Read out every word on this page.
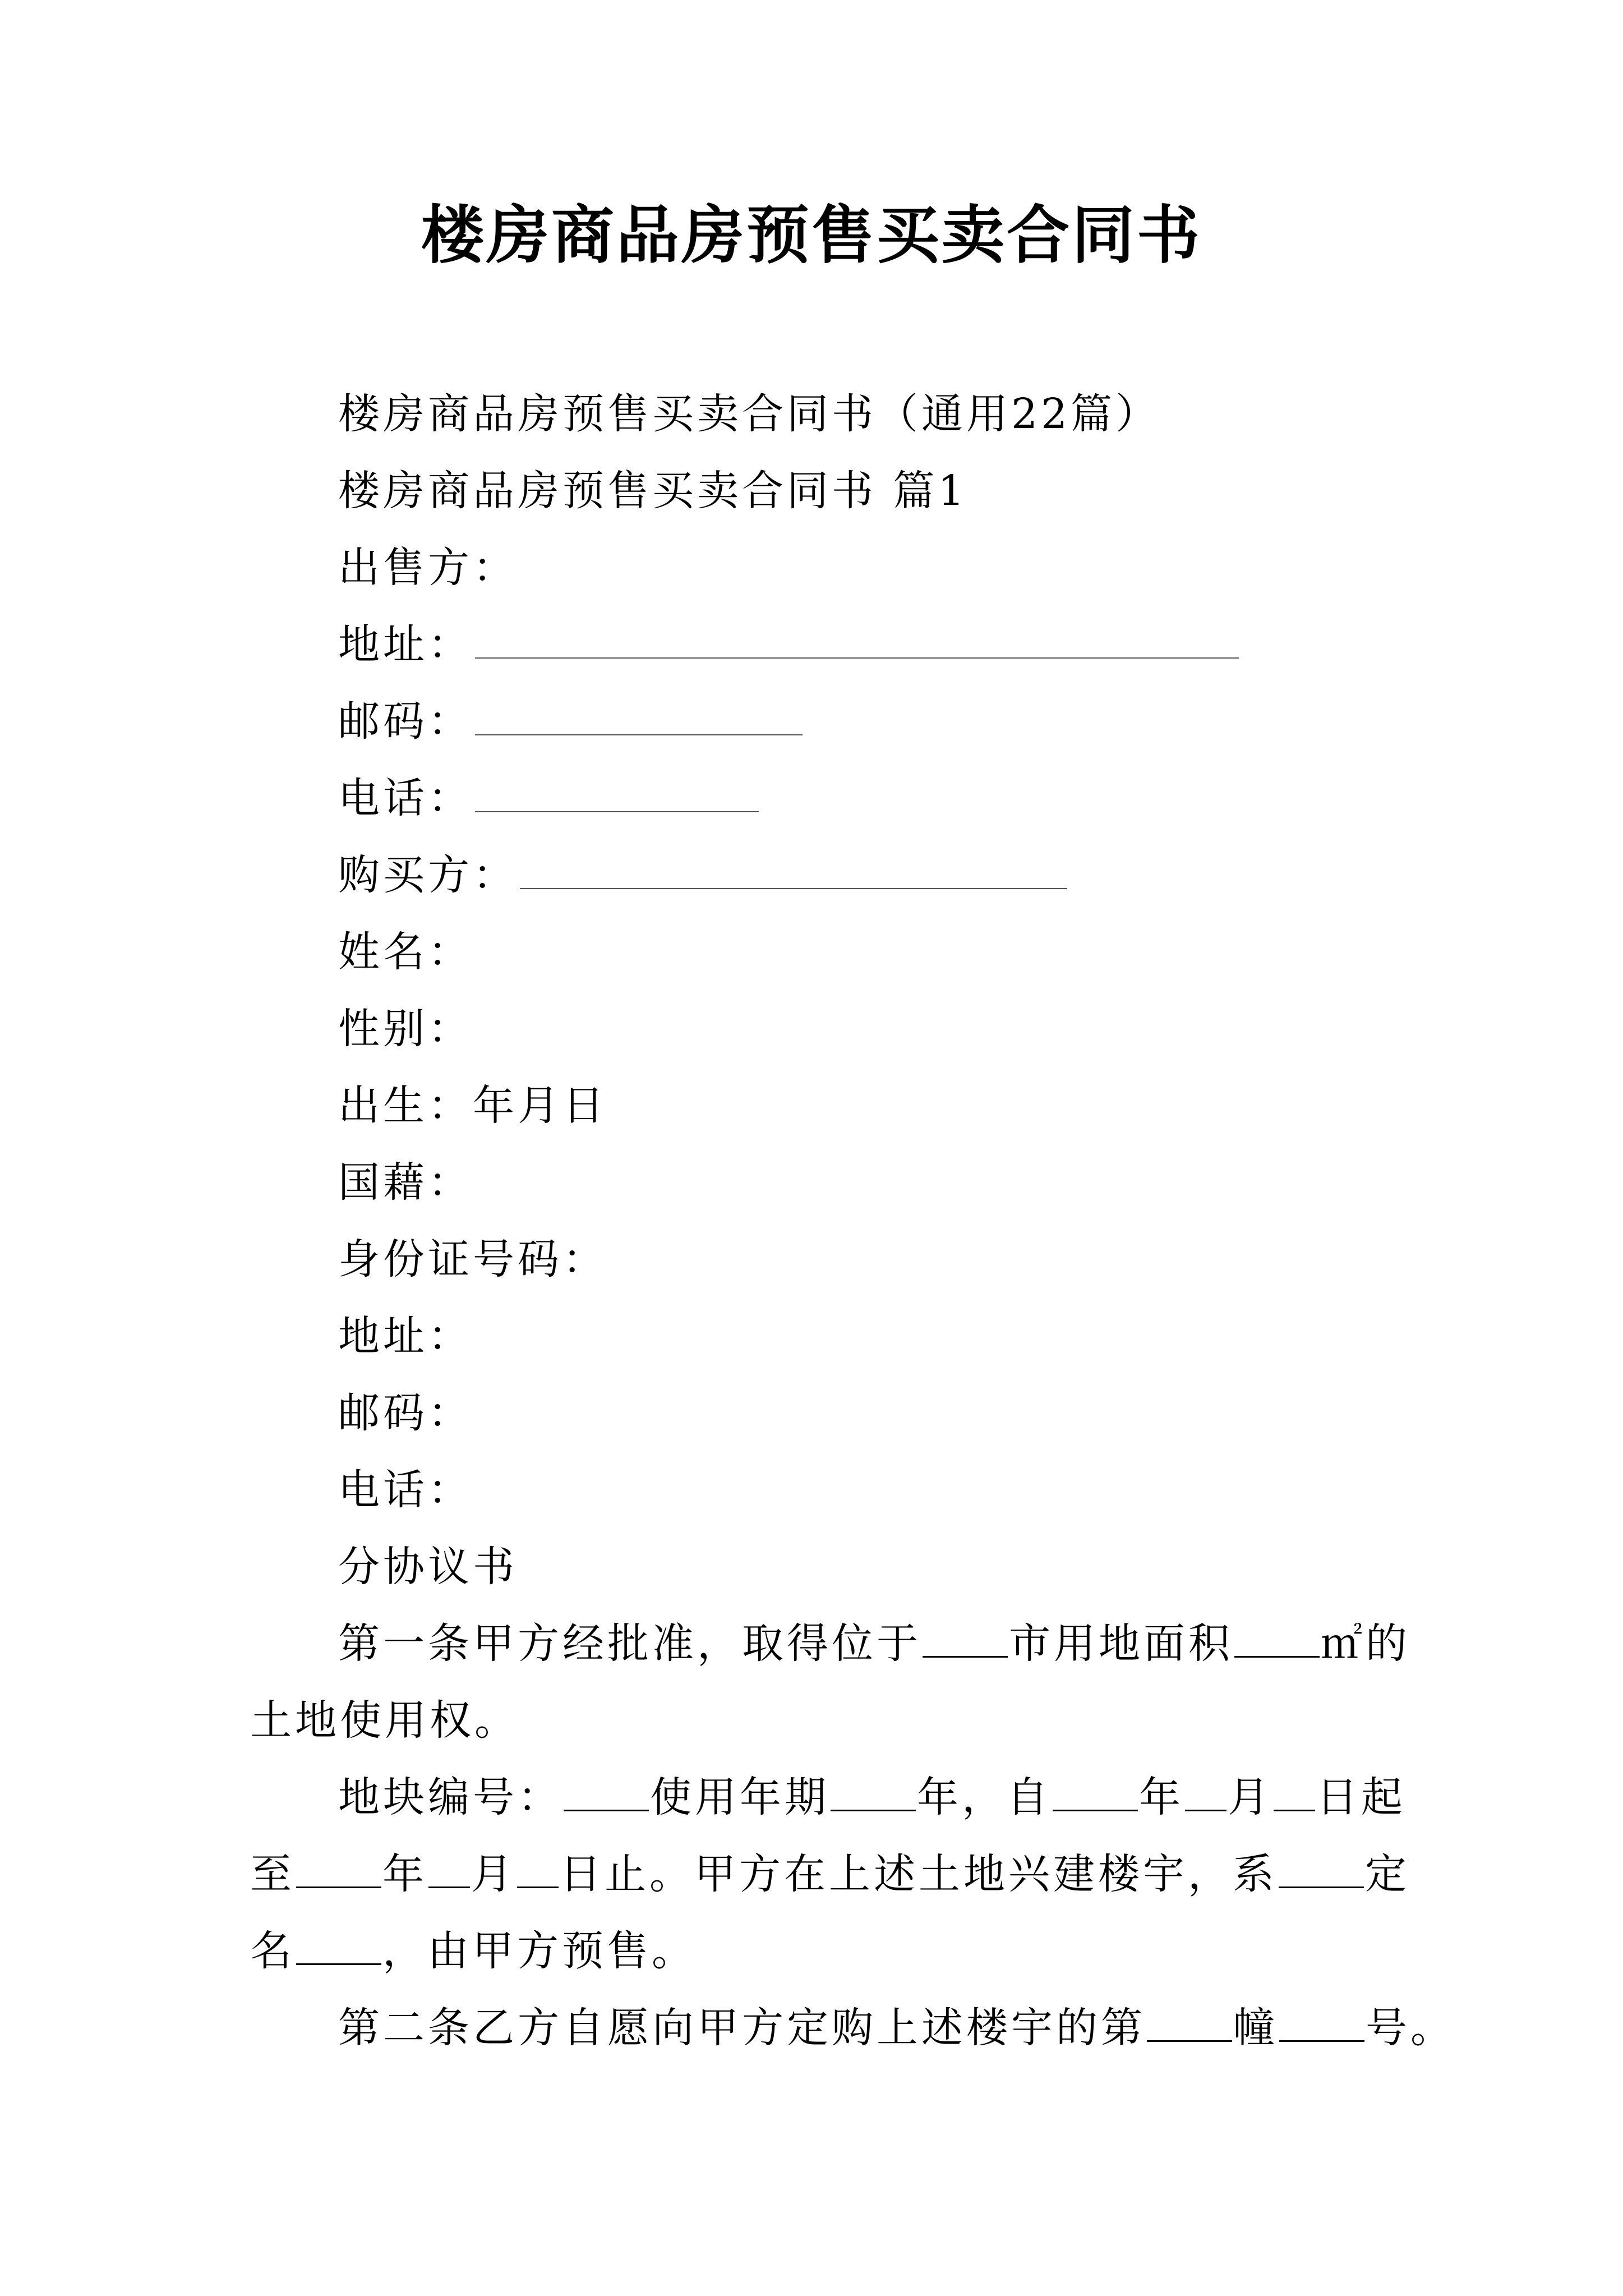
楼房商品房预售买卖合同书
楼房商品房预售买卖合同书（通用22篇）
楼房商品房预售买卖合同书 篇1
出售方：
地址：
邮码：
电话：
购买方：
姓名：
性别：
出生：年月日
国藉：
身份证号码：
地址：
邮码：
电话：
分协议书
第一条甲方经批准，取得位于 市用地面积 ㎡的
土地使用权。
地块编号： 使用年期 年，自 年 月 日起
至 年 月 日止。甲方在上述土地兴建楼宇，系 定
名 ，由甲方预售。
第二条乙方自愿向甲方定购上述楼宇的第 幢 号。
